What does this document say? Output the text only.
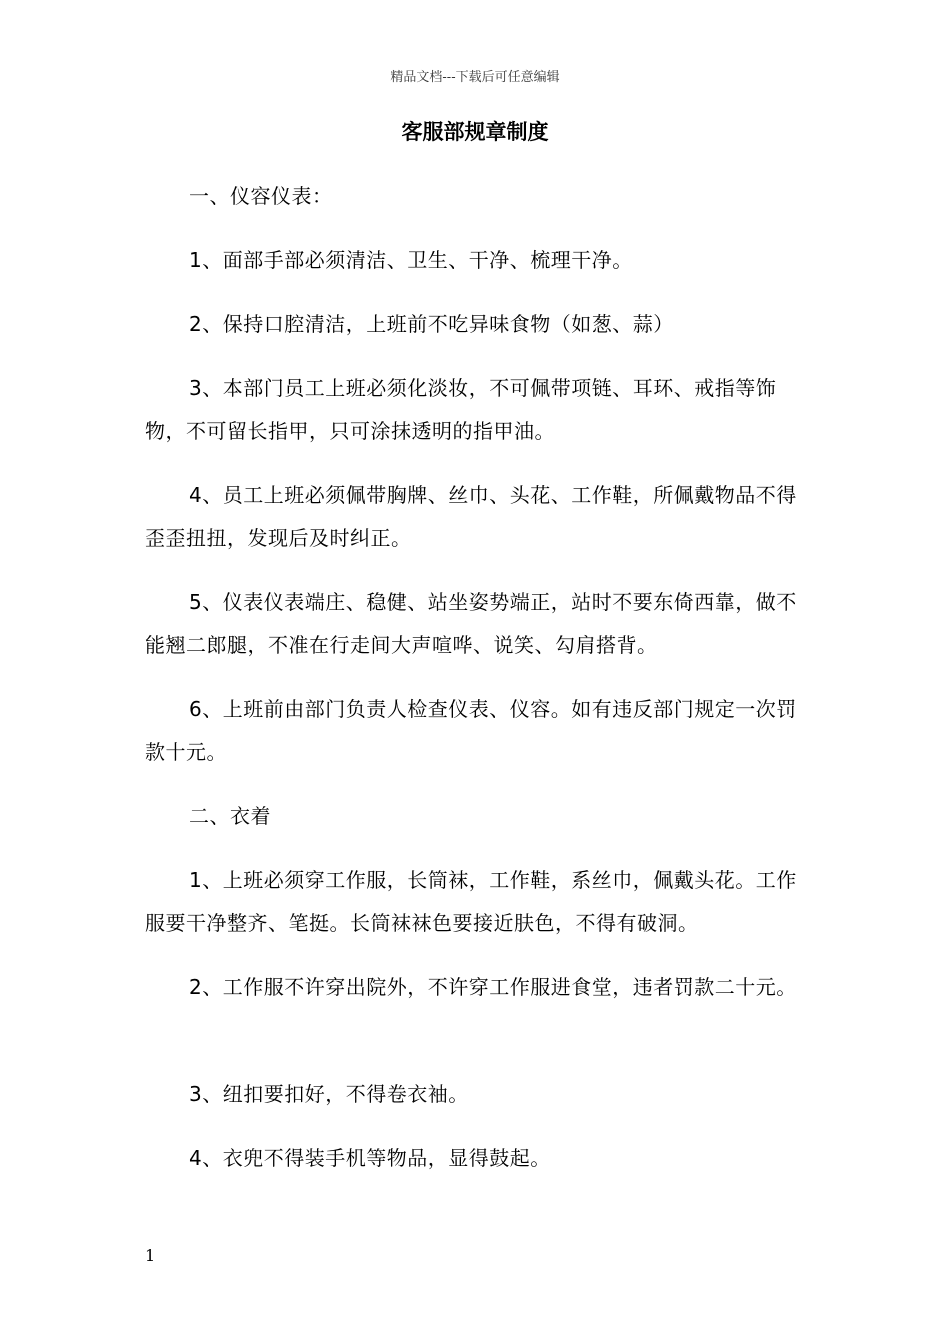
精品文档---下载后可任意编辑
客服部规章制度
一、仪容仪表：
1、面部手部必须清洁、卫生、干净、梳理干净。
2、保持口腔清洁，上班前不吃异味食物（如葱、蒜）
3、本部门员工上班必须化淡妆，不可佩带项链、耳环、戒指等饰物，不可留长指甲，只可涂抹透明的指甲油。
4、员工上班必须佩带胸牌、丝巾、头花、工作鞋，所佩戴物品不得歪歪扭扭，发现后及时纠正。
5、仪表仪表端庄、稳健、站坐姿势端正，站时不要东倚西靠，做不能翘二郎腿，不准在行走间大声喧哗、说笑、勾肩搭背。
6、上班前由部门负责人检查仪表、仪容。如有违反部门规定一次罚款十元。
二、衣着
1、上班必须穿工作服，长筒袜，工作鞋，系丝巾，佩戴头花。工作服要干净整齐、笔挺。长筒袜袜色要接近肤色，不得有破洞。
2、工作服不许穿出院外，不许穿工作服进食堂，违者罚款二十元。
3、纽扣要扣好，不得卷衣袖。
4、衣兜不得装手机等物品，显得鼓起。
1
